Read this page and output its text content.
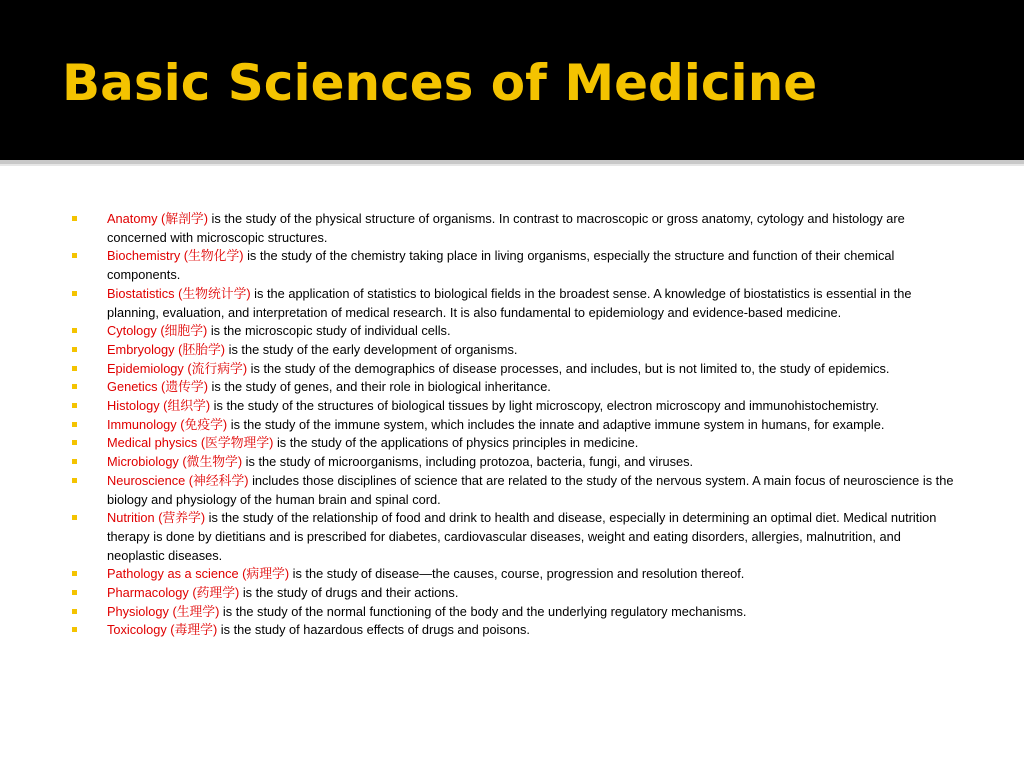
Basic Sciences of Medicine
Anatomy (解剖学) is the study of the physical structure of organisms. In contrast to macroscopic or gross anatomy, cytology and histology are concerned with microscopic structures.
Biochemistry (生物化学) is the study of the chemistry taking place in living organisms, especially the structure and function of their chemical components.
Biostatistics (生物统计学) is the application of statistics to biological fields in the broadest sense. A knowledge of biostatistics is essential in the planning, evaluation, and interpretation of medical research. It is also fundamental to epidemiology and evidence-based medicine.
Cytology (细胞学) is the microscopic study of individual cells.
Embryology (胚胎学) is the study of the early development of organisms.
Epidemiology (流行病学) is the study of the demographics of disease processes, and includes, but is not limited to, the study of epidemics.
Genetics (遗传学) is the study of genes, and their role in biological inheritance.
Histology (组织学) is the study of the structures of biological tissues by light microscopy, electron microscopy and immunohistochemistry.
Immunology (免疫学) is the study of the immune system, which includes the innate and adaptive immune system in humans, for example.
Medical physics (医学物理学) is the study of the applications of physics principles in medicine.
Microbiology (微生物学) is the study of microorganisms, including protozoa, bacteria, fungi, and viruses.
Neuroscience (神经科学) includes those disciplines of science that are related to the study of the nervous system. A main focus of neuroscience is the biology and physiology of the human brain and spinal cord.
Nutrition (营养学) is the study of the relationship of food and drink to health and disease, especially in determining an optimal diet. Medical nutrition therapy is done by dietitians and is prescribed for diabetes, cardiovascular diseases, weight and eating disorders, allergies, malnutrition, and neoplastic diseases.
Pathology as a science (病理学) is the study of disease—the causes, course, progression and resolution thereof.
Pharmacology (药理学) is the study of drugs and their actions.
Physiology (生理学) is the study of the normal functioning of the body and the underlying regulatory mechanisms.
Toxicology (毒理学) is the study of hazardous effects of drugs and poisons.
